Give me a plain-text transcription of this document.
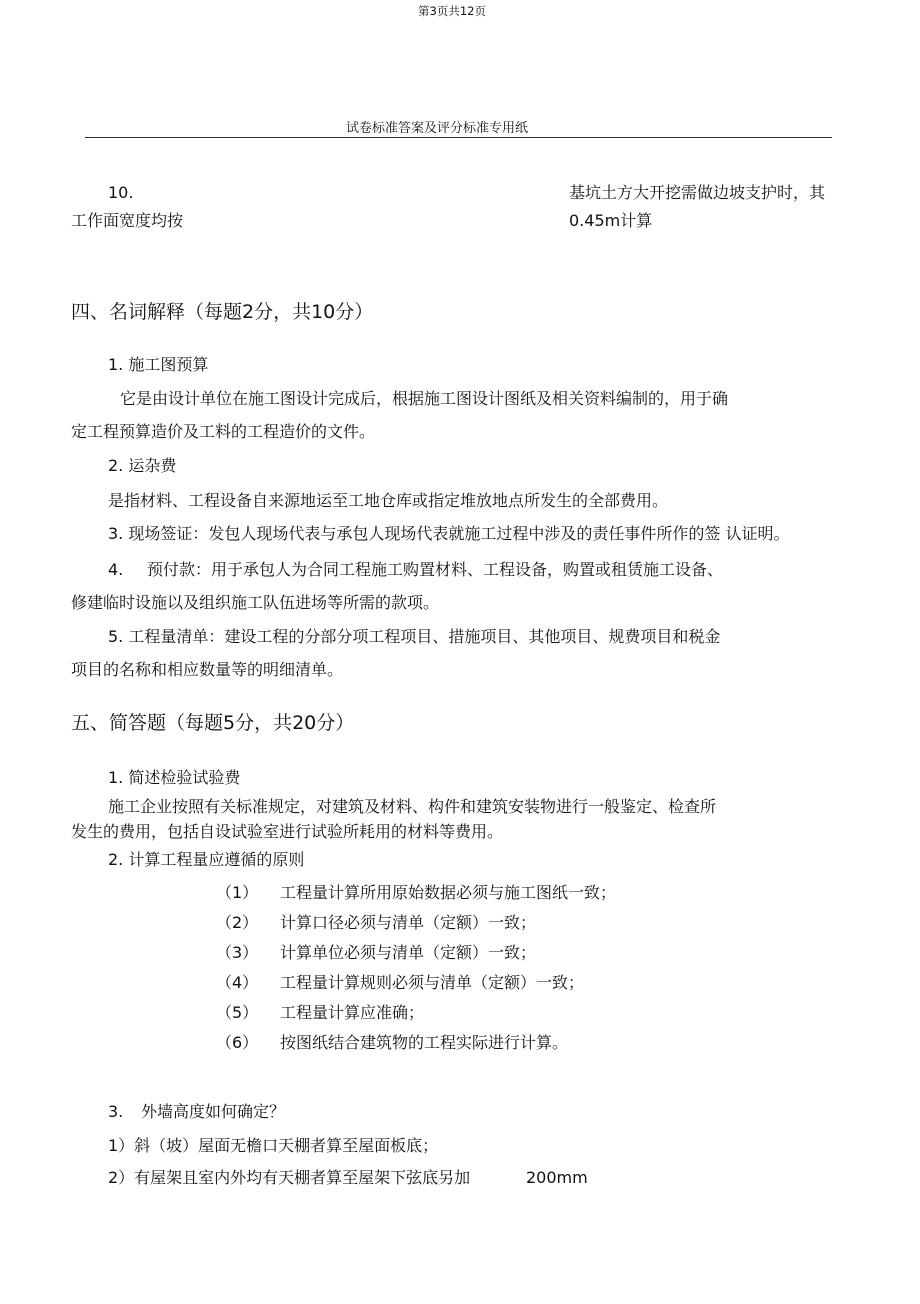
第3页共12页
试卷标准答案及评分标准专用纸
10.	基坑土方大开挖需做边坡支护时，其
工作面宽度均按	0.45m计算
四、名词解释（每题2分，共10分）
1. 施工图预算
它是由设计单位在施工图设计完成后，根据施工图设计图纸及相关资料编制的，用于确
定工程预算造价及工料的工程造价的文件。
2. 运杂费
是指材料、工程设备自来源地运至工地仓库或指定堆放地点所发生的全部费用。
3. 现场签证：发包人现场代表与承包人现场代表就施工过程中涉及的责任事件所作的签 认证明。
4. 预付款：用于承包人为合同工程施工购置材料、工程设备，购置或租赁施工设备、
修建临时设施以及组织施工队伍进场等所需的款项。
5. 工程量清单：建设工程的分部分项工程项目、措施项目、其他项目、规费项目和税金
项目的名称和相应数量等的明细清单。
五、简答题（每题5分，共20分）
1. 简述检验试验费
施工企业按照有关标准规定，对建筑及材料、构件和建筑安装物进行一般鉴定、检查所
发生的费用，包括自设试验室进行试验所耗用的材料等费用。
2. 计算工程量应遵循的原则
（1） 工程量计算所用原始数据必须与施工图纸一致；
（2） 计算口径必须与清单（定额）一致；
（3） 计算单位必须与清单（定额）一致；
（4） 工程量计算规则必须与清单（定额）一致；
（5） 工程量计算应准确；
（6） 按图纸结合建筑物的工程实际进行计算。
3. 外墙高度如何确定？
1）斜（坡）屋面无檐口天棚者算至屋面板底；
2）有屋架且室内外均有天棚者算至屋架下弦底另加	200mm
